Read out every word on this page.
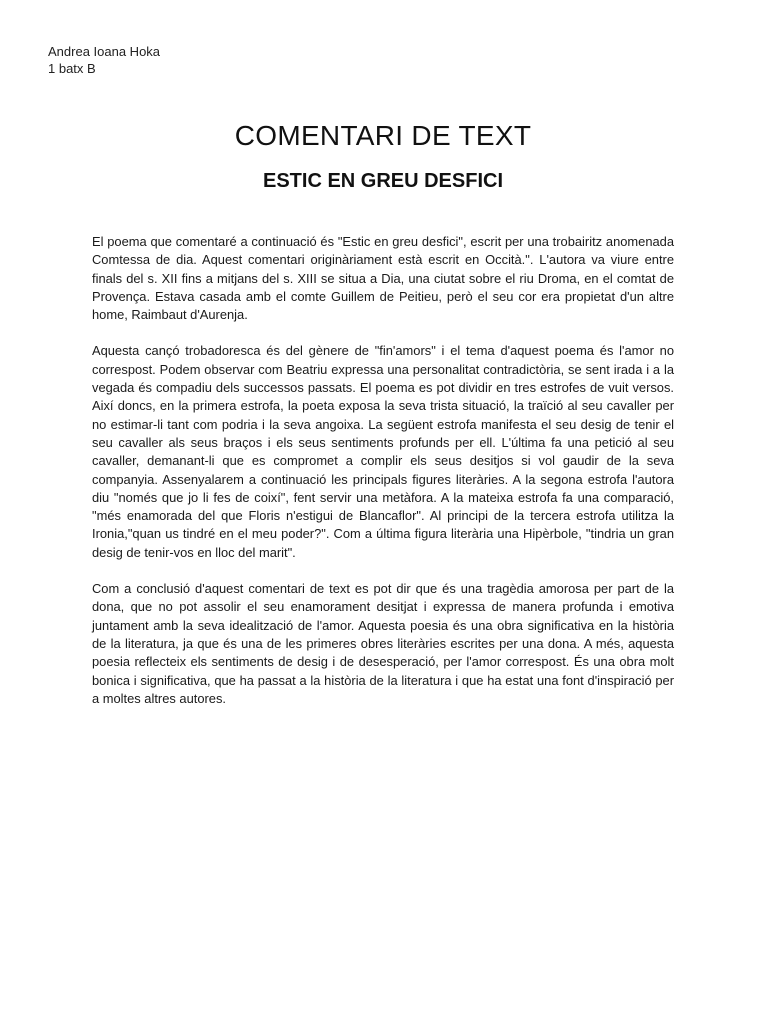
Andrea Ioana Hoka
1 batx B
COMENTARI DE TEXT
ESTIC EN GREU DESFICI

El poema que comentaré a continuació és "Estic en greu desfici", escrit per una trobairitz anomenada Comtessa de dia. Aquest comentari originàriament està escrit en Occità.". L'autora va viure entre finals del s. XII fins a mitjans del s. XIII se situa a Dia, una ciutat sobre el riu Droma, en el comtat de Provença. Estava casada amb el comte Guillem de Peitieu, però el seu cor era propietat d'un altre home, Raimbaut d'Aurenja.

Aquesta cançó trobadoresca és del gènere de "fin'amors" i el tema d'aquest poema és l'amor no correspost. Podem observar com Beatriu expressa una personalitat contradictòria, se sent irada i a la vegada és compadiu dels successos passats. El poema es pot dividir en tres estrofes de vuit versos. Així doncs, en la primera estrofa, la poeta exposa la seva trista situació, la traïció al seu cavaller per no estimar-li tant com podria i la seva angoixa. La següent estrofa manifesta el seu desig de tenir el seu cavaller als seus braços i els seus sentiments profunds per ell. L'última fa una petició al seu cavaller, demanant-li que es compromet a complir els seus desitjos si vol gaudir de la seva companyia. Assenyalarem a continuació les principals figures literàries. A la segona estrofa l'autora diu "només que jo li fes de coixí", fent servir una metàfora. A la mateixa estrofa fa una comparació, "més enamorada del que Floris n'estigui de Blancaflor". Al principi de la tercera estrofa utilitza la Ironia,"quan us tindré en el meu poder?". Com a última figura literària una Hipèrbole, "tindria un gran desig de tenir-vos en lloc del marit".

Com a conclusió d'aquest comentari de text es pot dir que és una tragèdia amorosa per part de la dona, que no pot assolir el seu enamorament desitjat i expressa de manera profunda i emotiva juntament amb la seva idealització de l'amor. Aquesta poesia és una obra significativa en la història de la literatura, ja que és una de les primeres obres literàries escrites per una dona. A més, aquesta poesia reflecteix els sentiments de desig i de desesperació, per l'amor correspost. És una obra molt bonica i significativa, que ha passat a la història de la literatura i que ha estat una font d'inspiració per a moltes altres autores.
